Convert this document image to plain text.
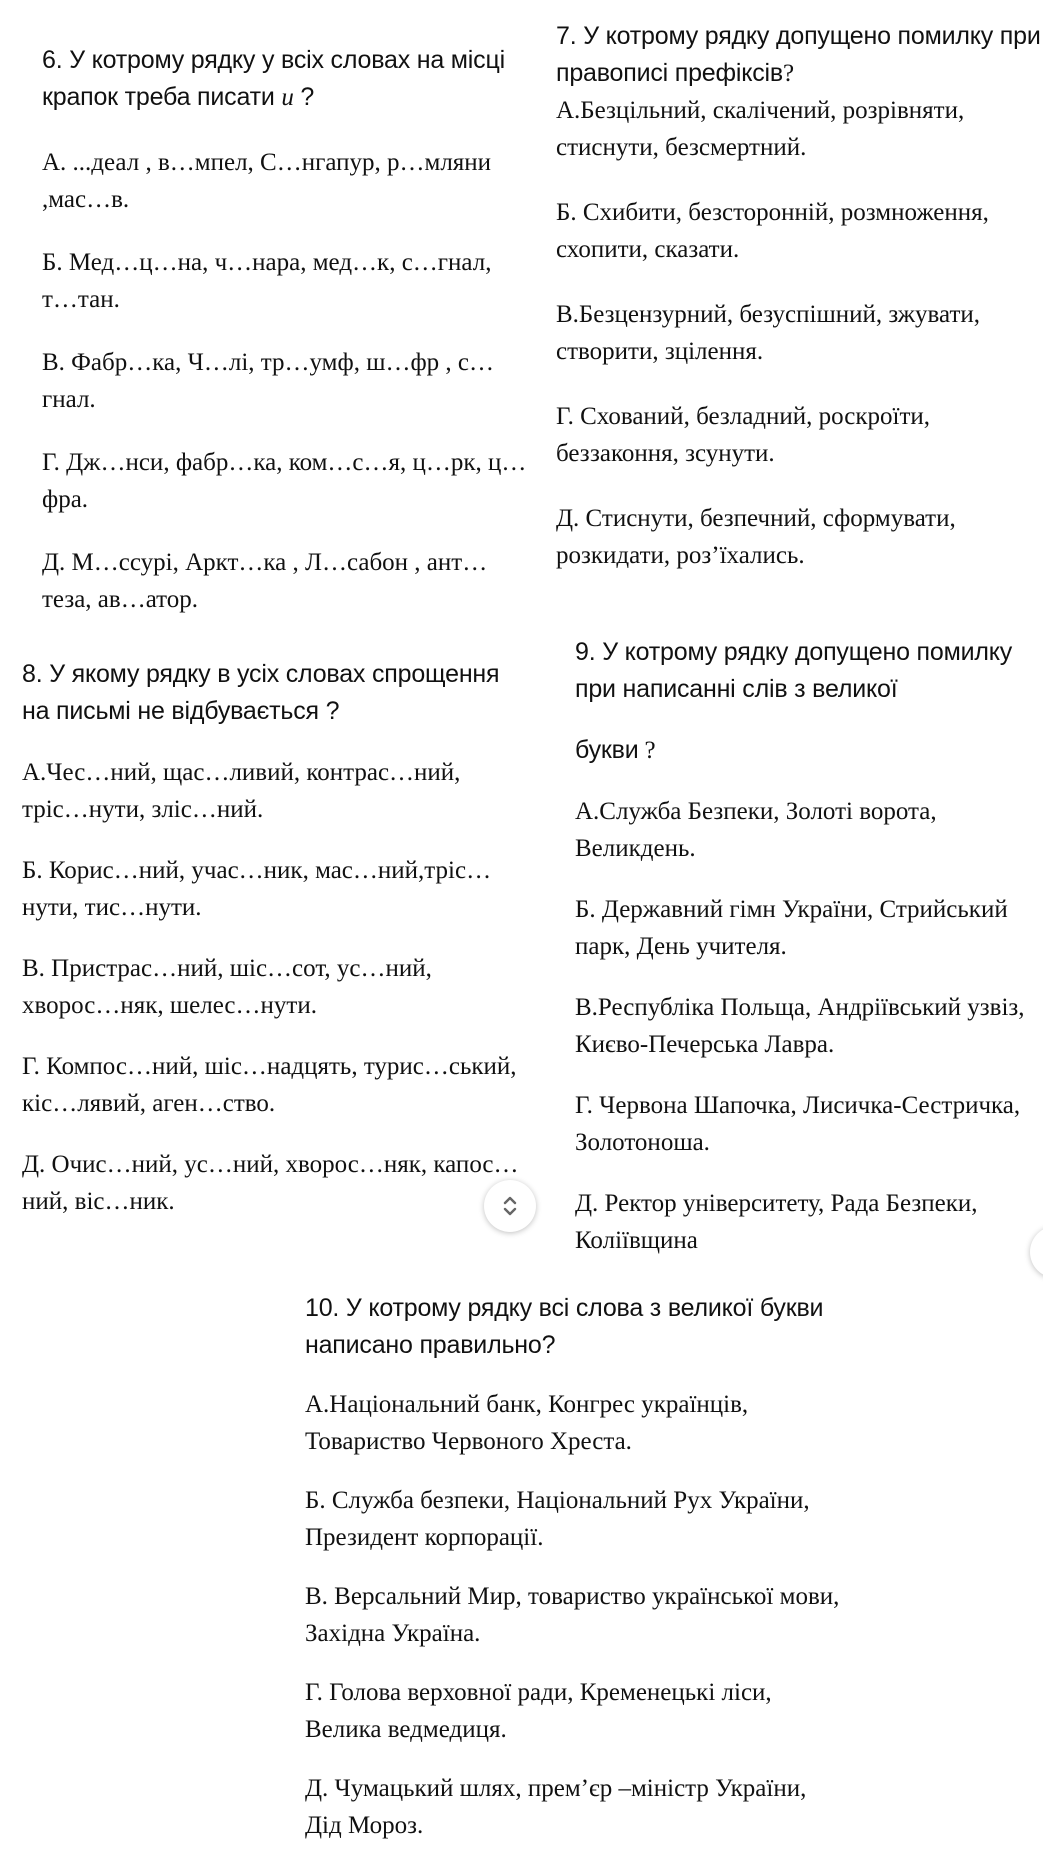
6. У котрому рядку у всіх словах на місці крапок треба писати и ?

А. ...деал , в…мпел, С…нгапур, р…мляни ,мас…в.

Б. Мед…ц…на, ч…нара, мед…к, с…гнал, т…тан.

В. Фабр…ка, Ч…лі, тр…умф, ш…фр , с…гнал.

Г. Дж…нси, фабр…ка, ком…с…я, ц…рк, ц…фра.

Д. М…ссурі, Аркт…ка , Л…сабон , ант…теза, ав…атор.

7. У котрому рядку допущено помилку при правописі префіксів?

А.Безцільний, скалічений, розрівняти, стиснути, безсмертний.

Б. Схибити, безсторонній, розмноження, схопити, сказати.

В.Безцензурний, безуспішний, зжувати, створити, зцілення.

Г. Схований, безладний, роскроїти, беззаконня, зсунути.

Д. Стиснути, безпечний, сформувати, розкидати, роз’їхались.

8. У якому рядку в усіх словах спрощення на письмі не відбувається ?

А.Чес…ний, щас…ливий, контрас…ний, тріс…нути, зліс…ний.

Б. Корис…ний, учас…ник, мас…ний,тріс…нути, тис…нути.

В. Пристрас…ний, шіс…сот, ус…ний, хворос…няк, шелес…нути.

Г. Компос…ний, шіс…надцять, турис…ський, кіс…лявий, аген…ство.

Д. Очис…ний, ус…ний, хворос…няк, капос…ний, віс…ник.

9. У котрому рядку допущено помилку при написанні слів з великої
букви ?

А.Служба Безпеки, Золоті ворота, Великдень.

Б. Державний гімн України, Стрийський парк, День учителя.

В.Республіка Польща, Андріївський узвіз, Києво-Печерська Лавра.

Г. Червона Шапочка, Лисичка-Сестричка, Золотоноша.

Д. Ректор університету, Рада Безпеки, Коліївщина

10. У котрому рядку всі слова з великої букви написано правильно?

А.Національний банк, Конгрес українців, Товариство Червоного Хреста.

Б. Служба безпеки, Національний Рух України, Президент корпорації.

В. Версальний Мир, товариство української мови, Західна Україна.

Г. Голова верховної ради, Кременецькі ліси, Велика ведмедиця.

Д. Чумацький шлях, прем’єр –міністр України, Дід Мороз.
